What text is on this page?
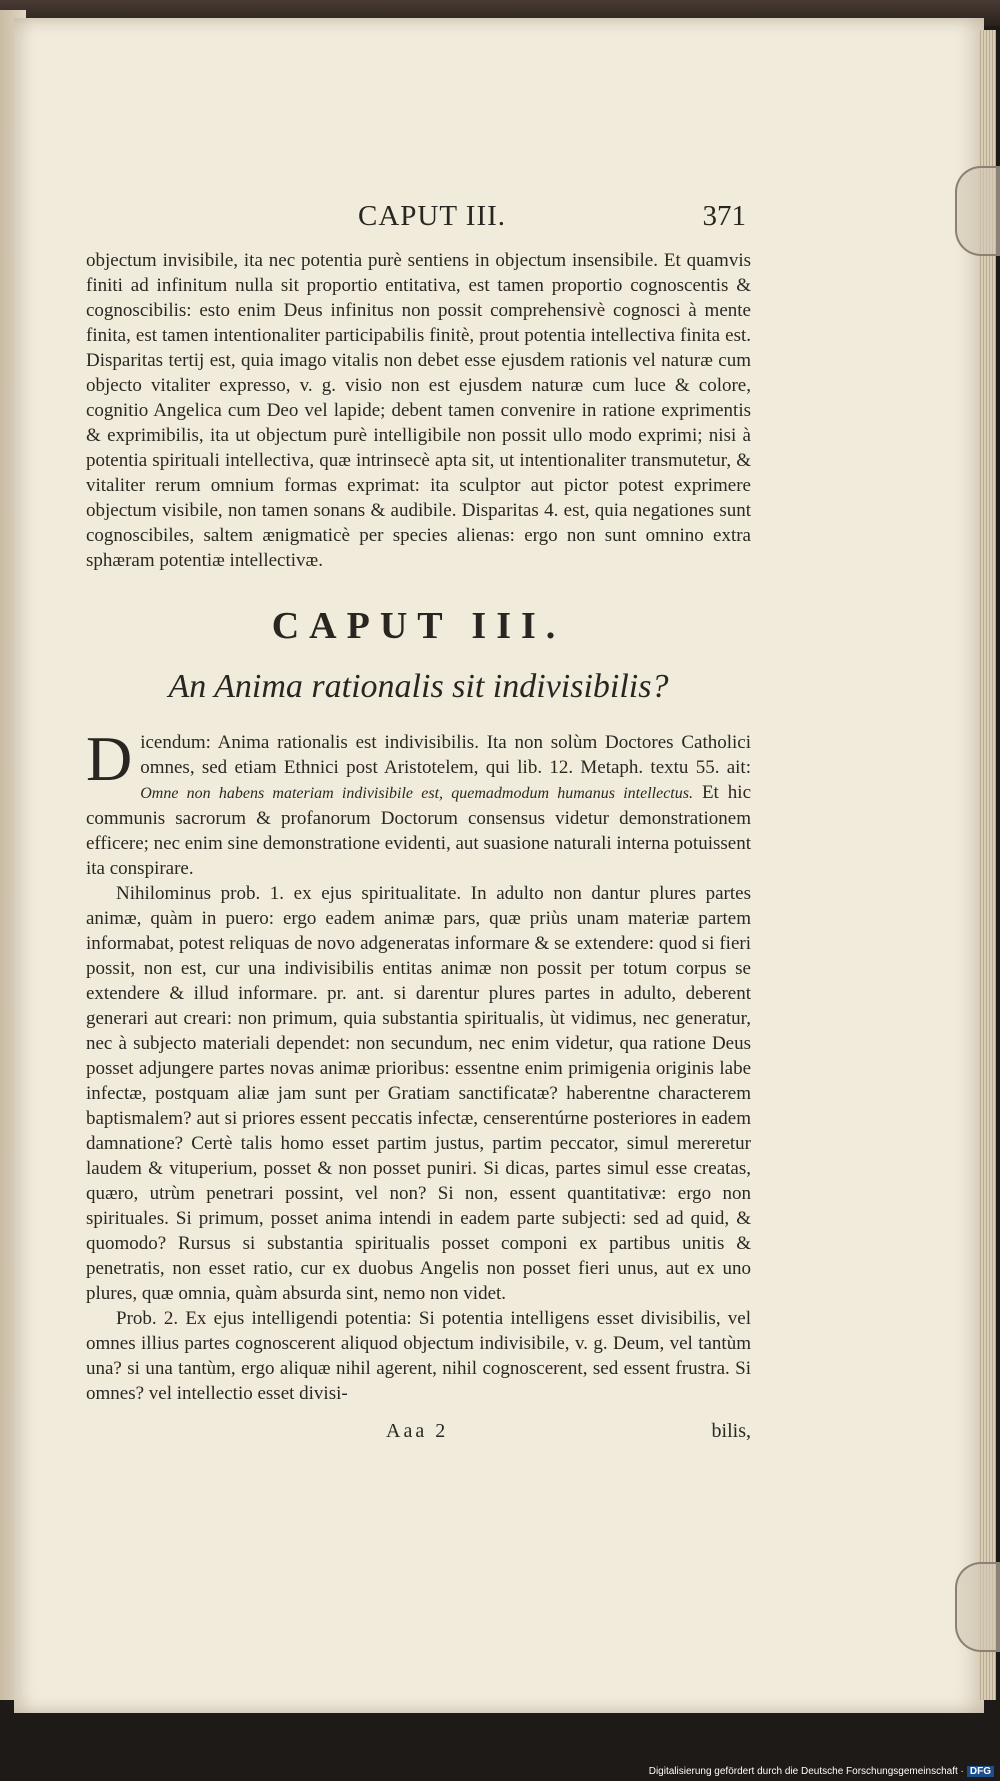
CAPUT III.	371

objectum invisibile, ita nec potentia purè sentiens in objectum insensibile. Et quamvis finiti ad infinitum nulla sit proportio entitativa, est tamen proportio cognoscentis & cognoscibilis: esto enim Deus infinitus non possit comprehensivè cognosci à mente finita, est tamen intentionaliter participabilis finitè, prout potentia intellectiva finita est. Disparitas tertij est, quia imago vitalis non debet esse ejusdem rationis vel naturæ cum objecto vitaliter expresso, v. g. visio non est ejusdem naturæ cum luce & colore, cognitio Angelica cum Deo vel lapide; debent tamen convenire in ratione exprimentis & exprimibilis, ita ut objectum purè intelligibile non possit ullo modo exprimi; nisi à potentia spirituali intellectiva, quæ intrinsecè apta sit, ut intentionaliter transmutetur, & vitaliter rerum omnium formas exprimat: ita sculptor aut pictor potest exprimere objectum visibile, non tamen sonans & audibile. Disparitas 4. est, quia negationes sunt cognoscibiles, saltem ænigmaticè per species alienas: ergo non sunt omnino extra sphæram potentiæ intellectivæ.

CAPUT III.
An Anima rationalis sit indivisibilis?

Dicendum: Anima rationalis est indivisibilis. Ita non solùm Doctores Catholici omnes, sed etiam Ethnici post Aristotelem, qui lib. 12. Metaph. textu 55. ait: Omne non habens materiam indivisibile est, quemadmodum humanus intellectus. Et hic communis sacrorum & profanorum Doctorum consensus videtur demonstrationem efficere; nec enim sine demonstratione evidenti, aut suasione naturali interna potuissent ita conspirare.

Nihilominus prob. 1. ex ejus spiritualitate. In adulto non dantur plures partes animæ, quàm in puero: ergo eadem animæ pars, quæ priùs unam materiæ partem informabat, potest reliquas de novo adgeneratas informare & se extendere: quod si fieri possit, non est, cur una indivisibilis entitas animæ non possit per totum corpus se extendere & illud informare. pr. ant. si darentur plures partes in adulto, deberent generari aut creari: non primum, quia substantia spiritualis, ùt vidimus, nec generatur, nec à subjecto materiali dependet: non secundum, nec enim videtur, qua ratione Deus posset adjungere partes novas animæ prioribus: essentne enim primigenia originis labe infectæ, postquam aliæ jam sunt per Gratiam sanctificatæ? haberentne characterem baptismalem? aut si priores essent peccatis infectæ, censerentúrne posteriores in eadem damnatione? Certè talis homo esset partim justus, partim peccator, simul mereretur laudem & vituperium, posset & non posset puniri. Si dicas, partes simul esse creatas, quæro, utrùm penetrari possint, vel non? Si non, essent quantitativæ: ergo non spirituales. Si primum, posset anima intendi in eadem parte subjecti: sed ad quid, & quomodo? Rursus si substantia spiritualis posset componi ex partibus unitis & penetratis, non esset ratio, cur ex duobus Angelis non posset fieri unus, aut ex uno plures, quæ omnia, quàm absurda sint, nemo non videt.

Prob. 2. Ex ejus intelligendi potentia: Si potentia intelligens esset divisibilis, vel omnes illius partes cognoscerent aliquod objectum indivisibile, v. g. Deum, vel tantùm una? si una tantùm, ergo aliquæ nihil agerent, nihil cognoscerent, sed essent frustra. Si omnes? vel intellectio esset divisi-

Aaa 2	bilis,
Digitalisierung gefördert durch die Deutsche Forschungsgemeinschaft · DFG
